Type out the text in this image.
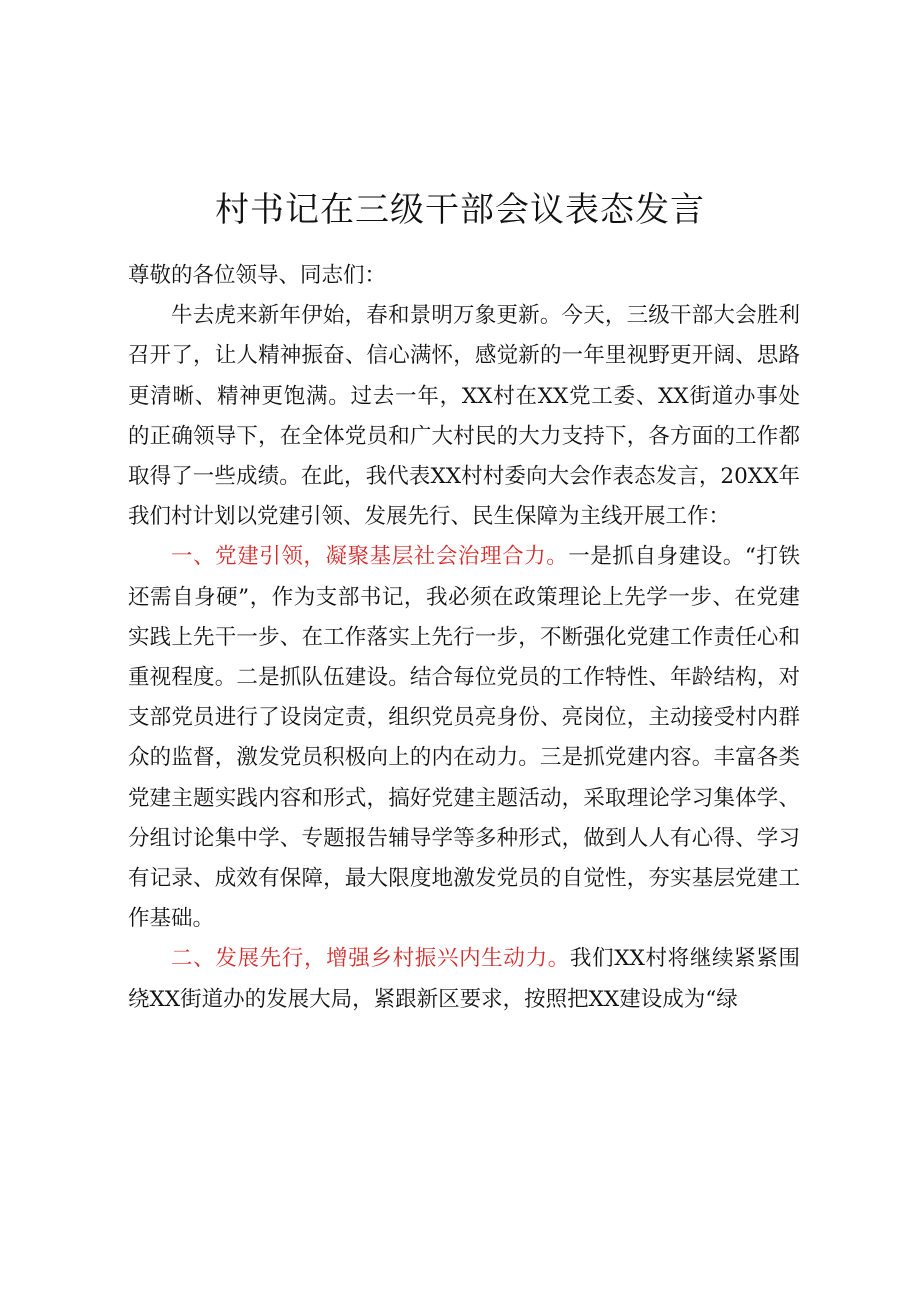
村书记在三级干部会议表态发言

尊敬的各位领导、同志们：

牛去虎来新年伊始，春和景明万象更新。今天，三级干部大会胜利召开了，让人精神振奋、信心满怀，感觉新的一年里视野更开阔、思路更清晰、精神更饱满。过去一年，XX村在XX党工委、XX街道办事处的正确领导下，在全体党员和广大村民的大力支持下，各方面的工作都取得了一些成绩。在此，我代表XX村村委向大会作表态发言，20XX年我们村计划以党建引领、发展先行、民生保障为主线开展工作：

一、党建引领，凝聚基层社会治理合力。一是抓自身建设。“打铁还需自身硬”，作为支部书记，我必须在政策理论上先学一步、在党建实践上先干一步、在工作落实上先行一步，不断强化党建工作责任心和重视程度。二是抓队伍建设。结合每位党员的工作特性、年龄结构，对支部党员进行了设岗定责，组织党员亮身份、亮岗位，主动接受村内群众的监督，激发党员积极向上的内在动力。三是抓党建内容。丰富各类党建主题实践内容和形式，搞好党建主题活动，采取理论学习集体学、分组讨论集中学、专题报告辅导学等多种形式，做到人人有心得、学习有记录、成效有保障，最大限度地激发党员的自觉性，夯实基层党建工作基础。

二、发展先行，增强乡村振兴内生动力。我们XX村将继续紧紧围绕XX街道办的发展大局，紧跟新区要求，按照把XX建设成为“绿
